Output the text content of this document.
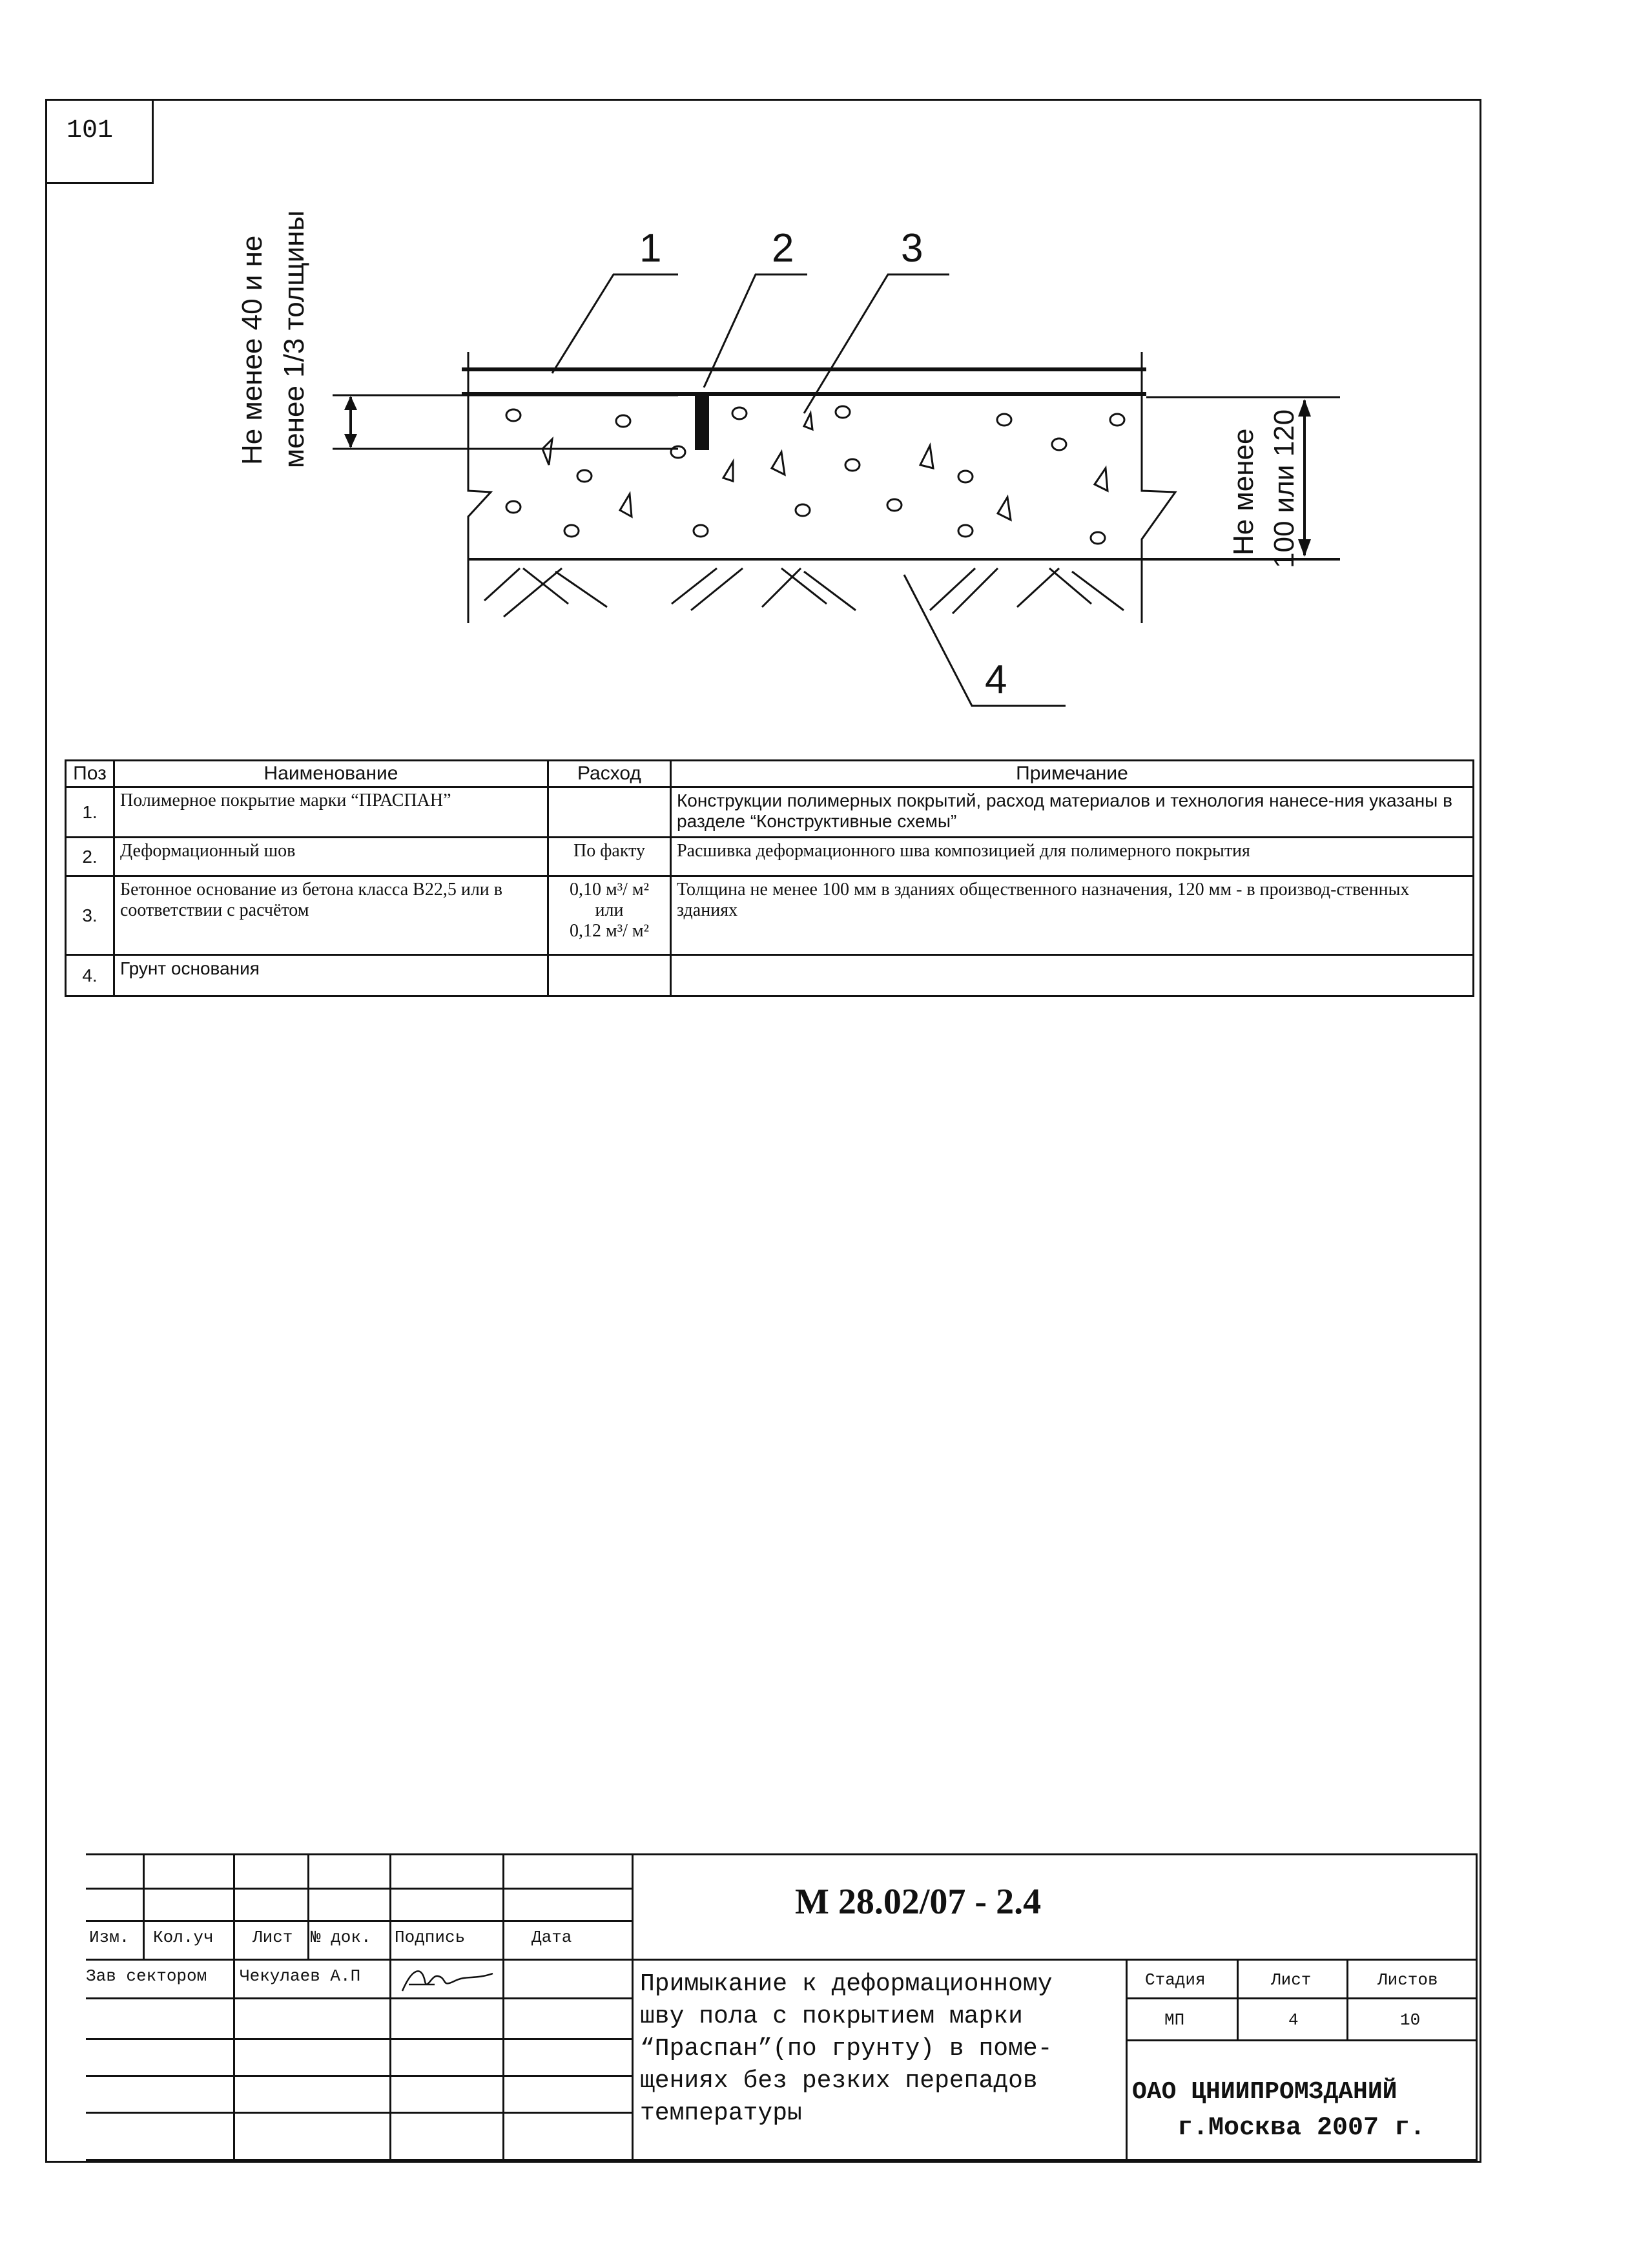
101
1	2	3
4
Не менее 40 и не менее 1/3 толщины
Не менее 100 или 120
Поз	Наименование	Расход	Примечание
1.	Полимерное покрытие марки “ПРАСПАН”		Конструкции полимерных покрытий, расход материалов и технология нанесе-ния указаны в разделе “Конструктивные схемы”
2.	Деформационный шов	По факту	Расшивка деформационного шва композицией для полимерного покрытия
3.	Бетонное основание из бетона класса В22,5 или в соответствии с расчётом	0,10 м³/ м²
или
0,12 м³/ м²	Толщина не менее 100 мм в зданиях общественного назначения, 120 мм - в производ-ственных зданиях
4.	Грунт основания		
Изм. Кол.уч Лист № док. Подпись	Дата
Зав сектором Чекулаев А.П
М 28.02/07 - 2.4
Примыкание к деформационному
шву пола с покрытием марки
“Праспан”(по грунту) в поме-
щениях без резких перепадов
температуры
Стадия	Лист	Листов
МП	4	10
ОАО ЦНИИПРОМЗДАНИЙ
г.Москва 2007 г.
